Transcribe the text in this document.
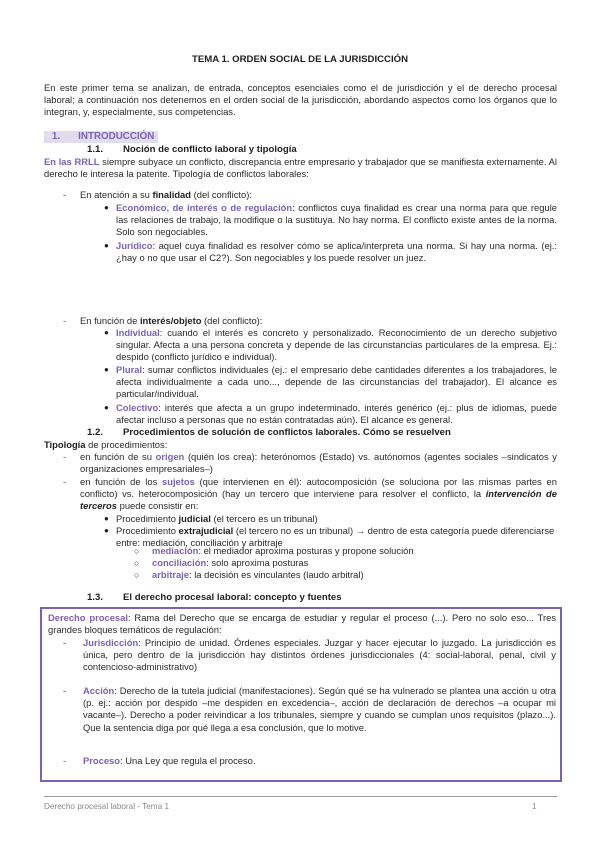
TEMA 1. ORDEN SOCIAL DE LA JURISDICCIÓN

En este primer tema se analizan, de entrada, conceptos esenciales como el de jurisdicción y el de derecho procesal laboral; a continuación nos detenemos en el orden social de la jurisdicción, abordando aspectos como los órganos que lo integran, y, especialmente, sus competencias.

1. INTRODUCCIÓN
1.1. Noción de conflicto laboral y tipología

En las RRLL siempre subyace un conflicto, discrepancia entre empresario y trabajador que se manifiesta externamente. Al derecho le interesa la patente. Tipología de conflictos laborales:

- En atención a su finalidad (del conflicto):

● Económico, de interés o de regulación: conflictos cuya finalidad es crear una norma para que regule las relaciones de trabajo, la modifique o la sustituya. No hay norma. El conflicto existe antes de la norma. Solo son negociables.

● Jurídico: aquel cuya finalidad es resolver cómo se aplica/interpreta una norma. Si hay una norma. (ej.: ¿hay o no que usar el C2?). Son negociables y los puede resolver un juez.

- En función de interés/objeto (del conflicto):

● Individual: cuando el interés es concreto y personalizado. Reconocimiento de un derecho subjetivo singular. Afecta a una persona concreta y depende de las circunstancias particulares de la empresa. Ej.: despido (conflicto jurídico e individual).

● Plural: sumar conflictos individuales (ej.: el empresario debe cantidades diferentes a los trabajadores, le afecta individualmente a cada uno..., depende de las circunstancias del trabajador). El alcance es particular/individual.

● Colectivo: interés que afecta a un grupo indeterminado, interés genérico (ej.: plus de idiomas, puede afectar incluso a personas que no están contratadas aún). El alcance es general.

1.2. Procedimientos de solución de conflictos laborales. Cómo se resuelven

Tipología de procedimientos:

- en función de su origen (quién los crea): heterónomos (Estado) vs. autónomos (agentes sociales –sindicatos y organizaciones empresariales–)

- en función de los sujetos (que intervienen en él): autocomposición (se soluciona por las mismas partes en conflicto) vs. heterocomposición (hay un tercero que interviene para resolver el conflicto, la intervención de terceros puede consistir en:

● Procedimiento judicial (el tercero es un tribunal)

● Procedimiento extrajudicial (el tercero no es un tribunal) → dentro de esta categoría puede diferenciarse entre: mediación, conciliación y arbitraje

○ mediación: el mediador aproxima posturas y propone solución

○ conciliación: solo aproxima posturas

○ arbitraje: la decisión es vinculantes (laudo arbitral)

1.3. El derecho procesal laboral: concepto y fuentes

Derecho procesal: Rama del Derecho que se encarga de estudiar y regular el proceso (...). Pero no solo eso... Tres grandes bloques temáticos de regulación:

- Jurisdicción: Principio de unidad. Órdenes especiales. Juzgar y hacer ejecutar lo juzgado. La jurisdicción es única, pero dentro de la jurisdicción hay distintos órdenes jurisdiccionales (4: social-laboral, penal, civil y contencioso-administrativo)

- Acción: Derecho de la tutela judicial (manifestaciones). Según qué se ha vulnerado se plantea una acción u otra (p. ej.: acción por despido –me despiden en excedencia–, acción de declaración de derechos –a ocupar mi vacante–). Derecho a poder reivindicar a los tribunales, siempre y cuando se cumplan unos requisitos (plazo...). Que la sentencia diga por qué llega a esa conclusión, que lo motive.

- Proceso: Una Ley que regula el proceso.

Derecho procesal laboral - Tema 1	1
